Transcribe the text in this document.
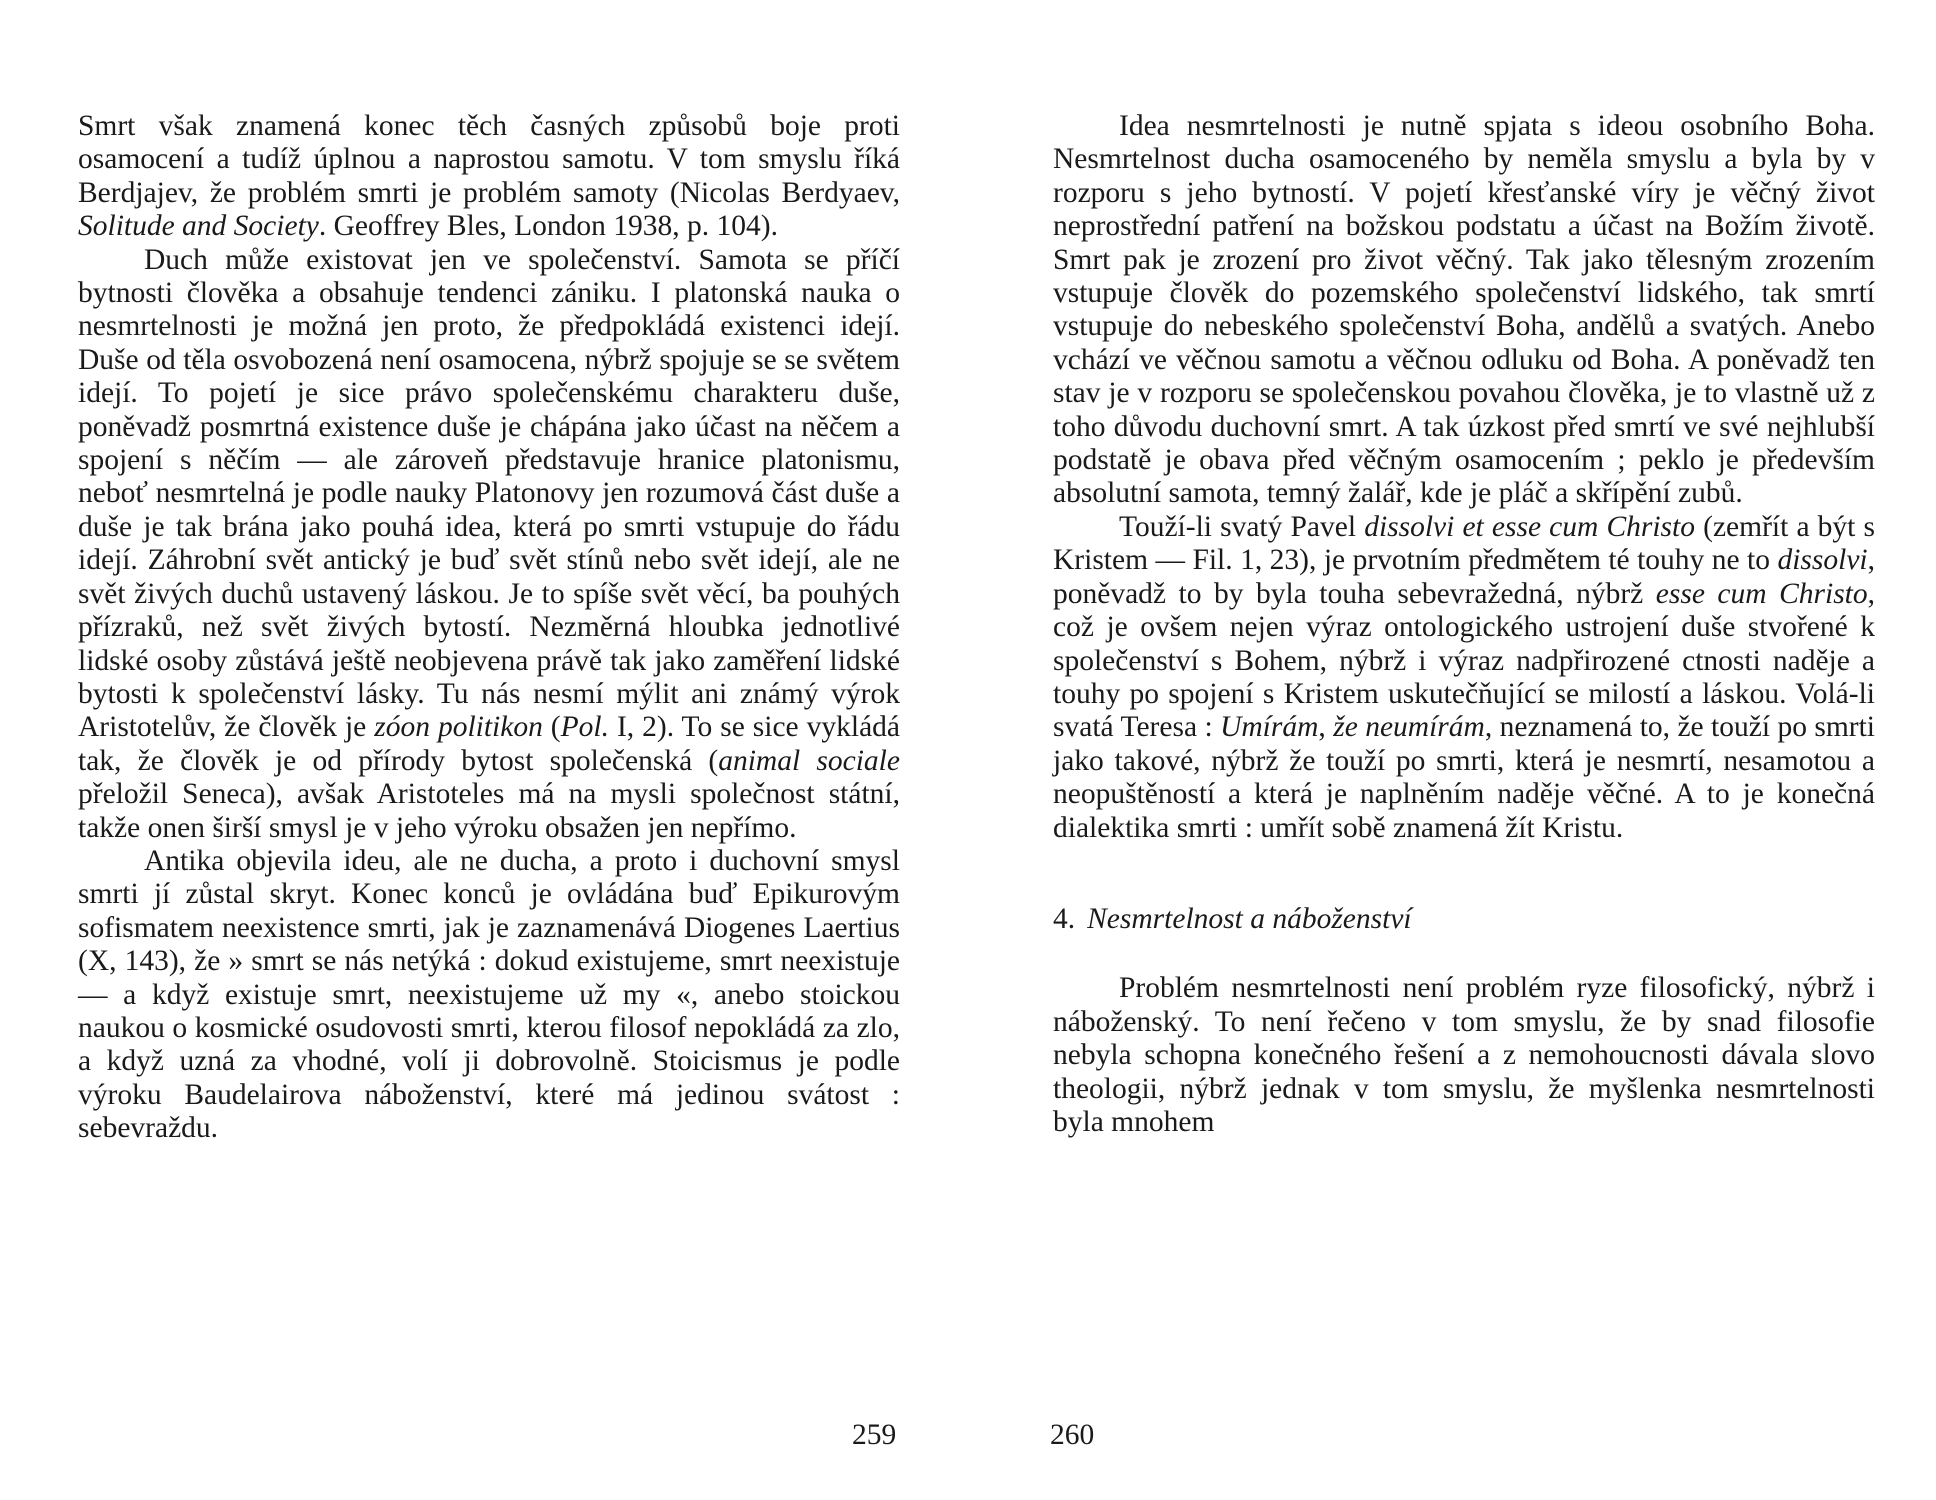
Smrt však znamená konec těch časných způsobů boje proti osamocení a tudíž úplnou a naprostou samotu. V tom smyslu říká Berdjajev, že problém smrti je problém samoty (Nicolas Berdyaev, Solitude and Society. Geoffrey Bles, London 1938, p. 104).

Duch může existovat jen ve společenství. Samota se příčí bytnosti člověka a obsahuje tendenci zániku. I platonská nauka o nesmrtelnosti je možná jen proto, že předpokládá existenci idejí. Duše od těla osvobozená není osamocena, nýbrž spojuje se se světem idejí. To pojetí je sice právo společenskému charakteru duše, poněvadž posmrtná existence duše je chápána jako účast na něčem a spojení s něčím — ale zároveň představuje hranice platonismu, neboť nesmrtelná je podle nauky Platonovy jen rozumová část duše a duše je tak brána jako pouhá idea, která po smrti vstupuje do řádu idejí. Záhrobní svět antický je buď svět stínů nebo svět idejí, ale ne svět živých duchů ustavený láskou. Je to spíše svět věcí, ba pouhých přízraků, než svět živých bytostí. Nezměrná hloubka jednotlivé lidské osoby zůstává ještě neobjevena právě tak jako zaměření lidské bytosti k společenství lásky. Tu nás nesmí mýlit ani známý výrok Aristotelův, že člověk je zóon politikon (Pol. I, 2). To se sice vykládá tak, že člověk je od přírody bytost společenská (animal sociale přeložil Seneca), avšak Aristoteles má na mysli společnost státní, takže onen širší smysl je v jeho výroku obsažen jen nepřímo.

Antika objevila ideu, ale ne ducha, a proto i duchovní smysl smrti jí zůstal skryt. Konec konců je ovládána buď Epikurovým sofismatem neexistence smrti, jak je zaznamenává Diogenes Laertius (X, 143), že » smrt se nás netýká : dokud existujeme, smrt neexistuje — a když existuje smrt, neexistujeme už my «, anebo stoickou naukou o kosmické osudovosti smrti, kterou filosof nepokládá za zlo, a když uzná za vhodné, volí ji dobrovolně. Stoicismus je podle výroku Baudelairova náboženství, které má jedinou svátost : sebevraždu.

259

Idea nesmrtelnosti je nutně spjata s ideou osobního Boha. Nesmrtelnost ducha osamoceného by neměla smyslu a byla by v rozporu s jeho bytností. V pojetí křesťanské víry je věčný život neprostřední patření na božskou podstatu a účast na Božím životě. Smrt pak je zrození pro život věčný. Tak jako tělesným zrozením vstupuje člověk do pozemského společenství lidského, tak smrtí vstupuje do nebeského společenství Boha, andělů a svatých. Anebo vchází ve věčnou samotu a věčnou odluku od Boha. A poněvadž ten stav je v rozporu se společenskou povahou člověka, je to vlastně už z toho důvodu duchovní smrt. A tak úzkost před smrtí ve své nejhlubší podstatě je obava před věčným osamocením ; peklo je především absolutní samota, temný žalář, kde je pláč a skřípění zubů.

Touží-li svatý Pavel dissolvi et esse cum Christo (zemřít a být s Kristem — Fil. 1, 23), je prvotním předmětem té touhy ne to dissolvi, poněvadž to by byla touha sebevražedná, nýbrž esse cum Christo, což je ovšem nejen výraz ontologického ustrojení duše stvořené k společenství s Bohem, nýbrž i výraz nadpřirozené ctnosti naděje a touhy po spojení s Kristem uskutečňující se milostí a láskou. Volá-li svatá Teresa : Umírám, že neumírám, neznamená to, že touží po smrti jako takové, nýbrž že touží po smrti, která je nesmrtí, nesamotou a neopuštěností a která je naplněním naděje věčné. A to je konečná dialektika smrti : umřít sobě znamená žít Kristu.

4. Nesmrtelnost a náboženství

Problém nesmrtelnosti není problém ryze filosofický, nýbrž i náboženský. To není řečeno v tom smyslu, že by snad filosofie nebyla schopna konečného řešení a z nemohoucnosti dávala slovo theologii, nýbrž jednak v tom smyslu, že myšlenka nesmrtelnosti byla mnohem

260
